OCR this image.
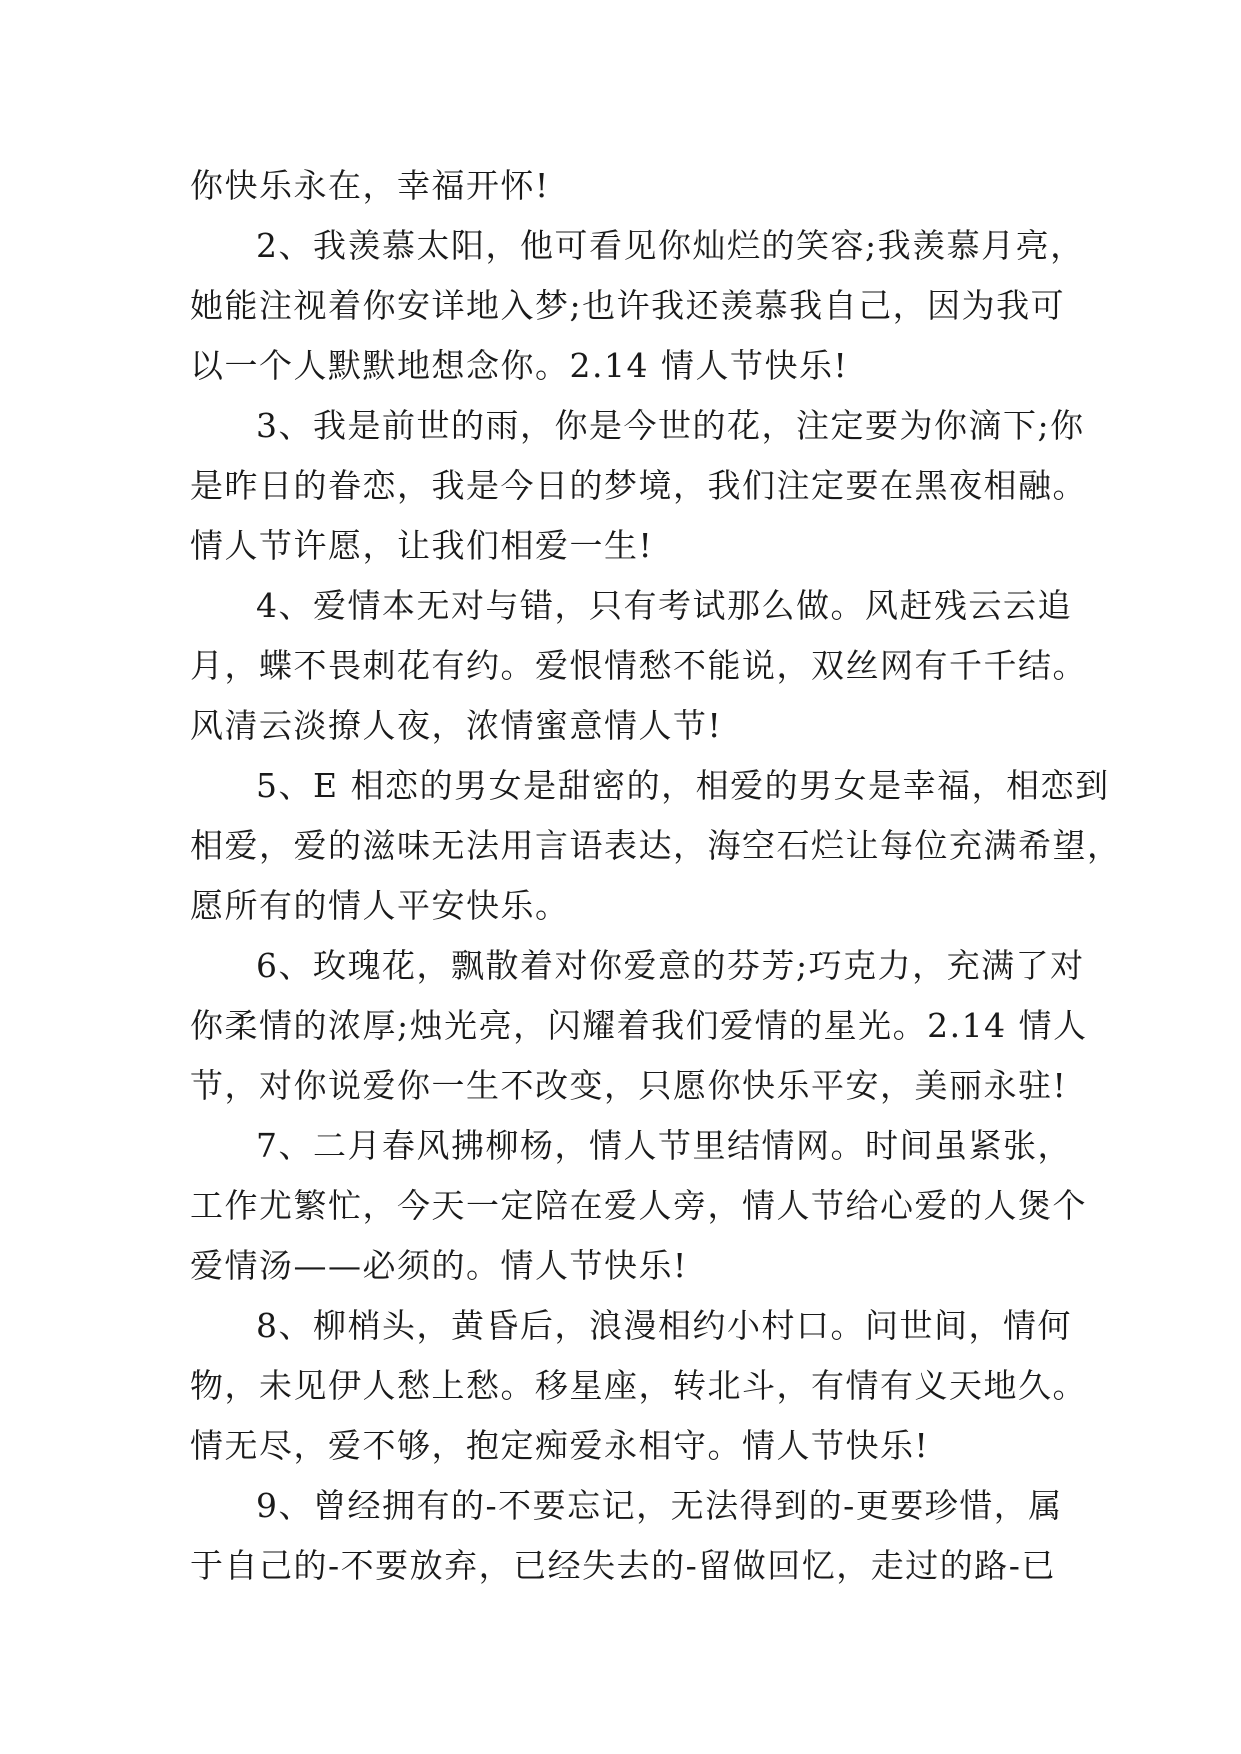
你快乐永在，幸福开怀!
2、我羡慕太阳，他可看见你灿烂的笑容;我羡慕月亮，
她能注视着你安详地入梦;也许我还羡慕我自己，因为我可
以一个人默默地想念你。2.14 情人节快乐!
3、我是前世的雨，你是今世的花，注定要为你滴下;你
是昨日的眷恋，我是今日的梦境，我们注定要在黑夜相融。
情人节许愿，让我们相爱一生!
4、爱情本无对与错，只有考试那么做。风赶残云云追
月，蝶不畏刺花有约。爱恨情愁不能说，双丝网有千千结。
风清云淡撩人夜，浓情蜜意情人节!
5、E 相恋的男女是甜密的，相爱的男女是幸福，相恋到
相爱，爱的滋味无法用言语表达，海空石烂让每位充满希望，
愿所有的情人平安快乐。
6、玫瑰花，飘散着对你爱意的芬芳;巧克力，充满了对
你柔情的浓厚;烛光亮，闪耀着我们爱情的星光。2.14 情人
节，对你说爱你一生不改变，只愿你快乐平安，美丽永驻!
7、二月春风拂柳杨，情人节里结情网。时间虽紧张，
工作尤繁忙，今天一定陪在爱人旁，情人节给心爱的人煲个
爱情汤——必须的。情人节快乐!
8、柳梢头，黄昏后，浪漫相约小村口。问世间，情何
物，未见伊人愁上愁。移星座，转北斗，有情有义天地久。
情无尽，爱不够，抱定痴爱永相守。情人节快乐!
9、曾经拥有的-不要忘记，无法得到的-更要珍惜，属
于自己的-不要放弃，已经失去的-留做回忆，走过的路-已
